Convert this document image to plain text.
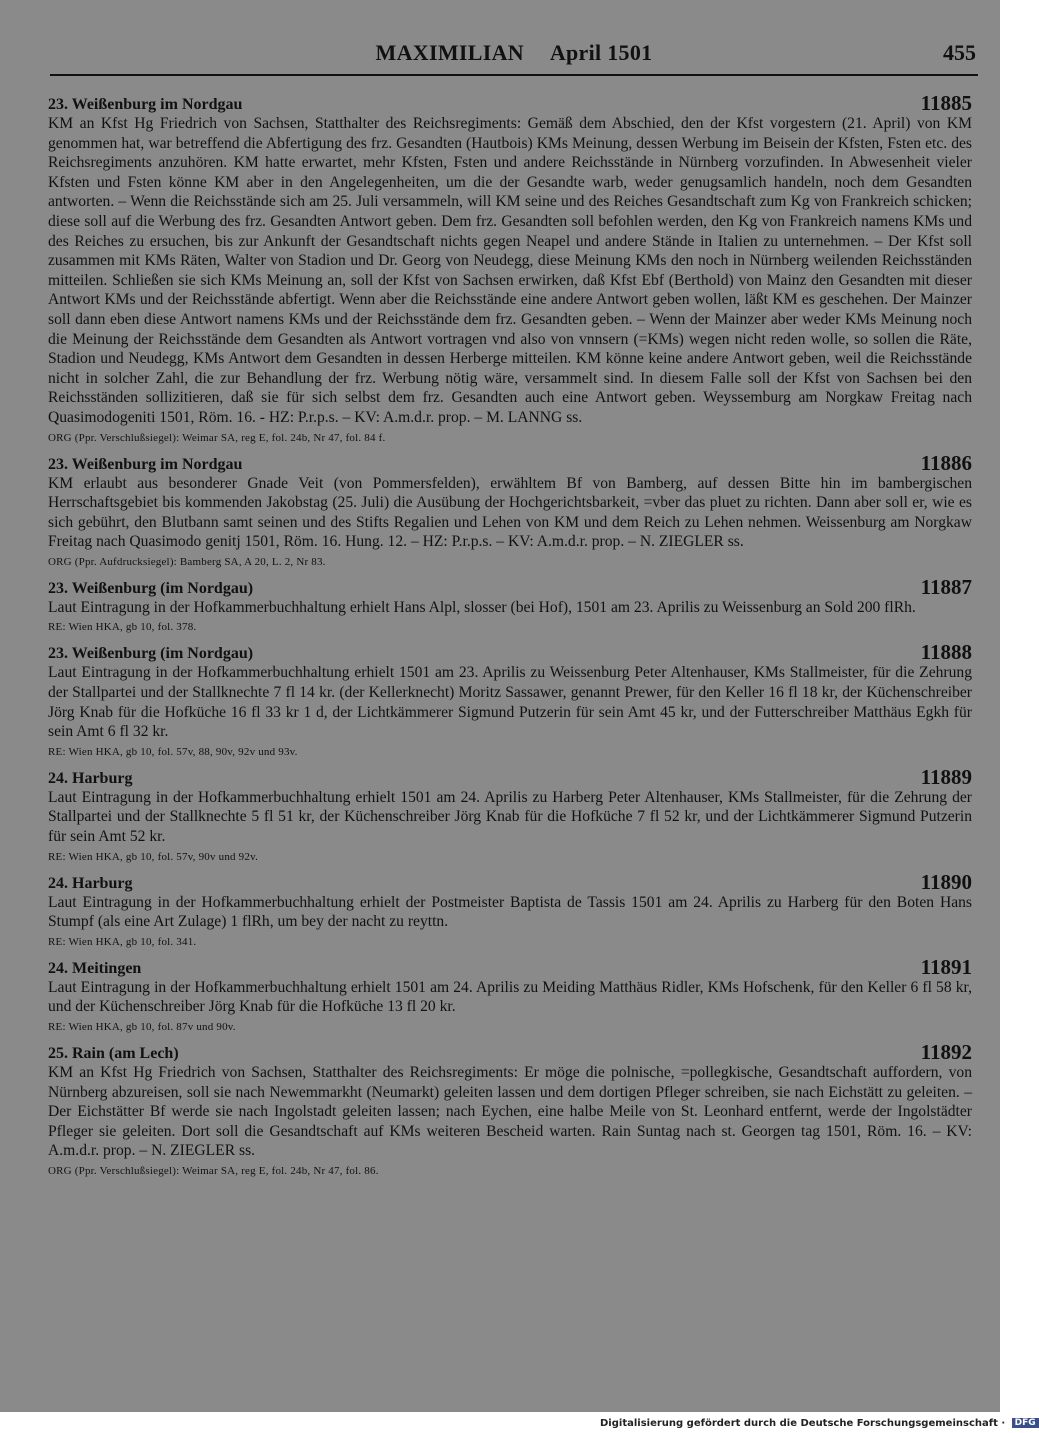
MAXIMILIAN April 1501	455
23. Weißenburg im Nordgau	11885

KM an Kfst Hg Friedrich von Sachsen, Statthalter des Reichsregiments: Gemäß dem Abschied, den der Kfst vorgestern (21. April) von KM genommen hat, war betreffend die Abfertigung des frz. Gesandten (Hautbois) KMs Meinung, dessen Werbung im Beisein der Kfsten, Fsten etc. des Reichsregiments anzuhören. KM hatte erwartet, mehr Kfsten, Fsten und andere Reichsstände in Nürnberg vorzufinden. In Abwesenheit vieler Kfsten und Fsten könne KM aber in den Angelegenheiten, um die der Gesandte warb, weder genugsamlich handeln, noch dem Gesandten antworten. – Wenn die Reichsstände sich am 25. Juli versammeln, will KM seine und des Reiches Gesandtschaft zum Kg von Frankreich schicken; diese soll auf die Werbung des frz. Gesandten Antwort geben. Dem frz. Gesandten soll befohlen werden, den Kg von Frankreich namens KMs und des Reiches zu ersuchen, bis zur Ankunft der Gesandtschaft nichts gegen Neapel und andere Stände in Italien zu unternehmen. – Der Kfst soll zusammen mit KMs Räten, Walter von Stadion und Dr. Georg von Neudegg, diese Meinung KMs den noch in Nürnberg weilenden Reichsständen mitteilen. Schließen sie sich KMs Meinung an, soll der Kfst von Sachsen erwirken, daß Kfst Ebf (Berthold) von Mainz den Gesandten mit dieser Antwort KMs und der Reichsstände abfertigt. Wenn aber die Reichsstände eine andere Antwort geben wollen, läßt KM es geschehen. Der Mainzer soll dann eben diese Antwort namens KMs und der Reichsstände dem frz. Gesandten geben. – Wenn der Mainzer aber weder KMs Meinung noch die Meinung der Reichsstände dem Gesandten als Antwort vortragen vnd also von vnnsern (=KMs) wegen nicht reden wolle, so sollen die Räte, Stadion und Neudegg, KMs Antwort dem Gesandten in dessen Herberge mitteilen. KM könne keine andere Antwort geben, weil die Reichsstände nicht in solcher Zahl, die zur Behandlung der frz. Werbung nötig wäre, versammelt sind. In diesem Falle soll der Kfst von Sachsen bei den Reichsständen sollizitieren, daß sie für sich selbst dem frz. Gesandten auch eine Antwort geben. Weyssemburg am Norgkaw Freitag nach Quasimodogeniti 1501, Röm. 16. - HZ: P.r.p.s. – KV: A.m.d.r. prop. – M. LANNG ss.

ORG (Ppr. Verschlußsiegel): Weimar SA, reg E, fol. 24b, Nr 47, fol. 84 f.
23. Weißenburg im Nordgau	11886

KM erlaubt aus besonderer Gnade Veit (von Pommersfelden), erwähltem Bf von Bamberg, auf dessen Bitte hin im bambergischen Herrschaftsgebiet bis kommenden Jakobstag (25. Juli) die Ausübung der Hochgerichtsbarkeit, =vber das pluet zu richten. Dann aber soll er, wie es sich gebührt, den Blutbann samt seinen und des Stifts Regalien und Lehen von KM und dem Reich zu Lehen nehmen. Weissenburg am Norgkaw Freitag nach Quasimodo genitj 1501, Röm. 16. Hung. 12. – HZ: P.r.p.s. – KV: A.m.d.r. prop. – N. ZIEGLER ss.

ORG (Ppr. Aufdrucksiegel): Bamberg SA, A 20, L. 2, Nr 83.
23. Weißenburg (im Nordgau)	11887

Laut Eintragung in der Hofkammerbuchhaltung erhielt Hans Alpl, slosser (bei Hof), 1501 am 23. Aprilis zu Weissenburg an Sold 200 flRh.

RE: Wien HKA, gb 10, fol. 378.
23. Weißenburg (im Nordgau)	11888

Laut Eintragung in der Hofkammerbuchhaltung erhielt 1501 am 23. Aprilis zu Weissenburg Peter Altenhauser, KMs Stallmeister, für die Zehrung der Stallpartei und der Stallknechte 7 fl 14 kr. (der Kellerknecht) Moritz Sassawer, genannt Prewer, für den Keller 16 fl 18 kr, der Küchenschreiber Jörg Knab für die Hofküche 16 fl 33 kr 1 d, der Lichtkämmerer Sigmund Putzerin für sein Amt 45 kr, und der Futterschreiber Matthäus Egkh für sein Amt 6 fl 32 kr.

RE: Wien HKA, gb 10, fol. 57v, 88, 90v, 92v und 93v.
24. Harburg	11889

Laut Eintragung in der Hofkammerbuchhaltung erhielt 1501 am 24. Aprilis zu Harberg Peter Altenhauser, KMs Stallmeister, für die Zehrung der Stallpartei und der Stallknechte 5 fl 51 kr, der Küchenschreiber Jörg Knab für die Hofküche 7 fl 52 kr, und der Lichtkämmerer Sigmund Putzerin für sein Amt 52 kr.

RE: Wien HKA, gb 10, fol. 57v, 90v und 92v.
24. Harburg	11890

Laut Eintragung in der Hofkammerbuchhaltung erhielt der Postmeister Baptista de Tassis 1501 am 24. Aprilis zu Harberg für den Boten Hans Stumpf (als eine Art Zulage) 1 flRh, um bey der nacht zu reyttn.

RE: Wien HKA, gb 10, fol. 341.
24. Meitingen	11891

Laut Eintragung in der Hofkammerbuchhaltung erhielt 1501 am 24. Aprilis zu Meiding Matthäus Ridler, KMs Hofschenk, für den Keller 6 fl 58 kr, und der Küchenschreiber Jörg Knab für die Hofküche 13 fl 20 kr.

RE: Wien HKA, gb 10, fol. 87v und 90v.
25. Rain (am Lech)	11892

KM an Kfst Hg Friedrich von Sachsen, Statthalter des Reichsregiments: Er möge die polnische, =pollegkische, Gesandtschaft auffordern, von Nürnberg abzureisen, soll sie nach Newemmarkht (Neumarkt) geleiten lassen und dem dortigen Pfleger schreiben, sie nach Eichstätt zu geleiten. – Der Eichstätter Bf werde sie nach Ingolstadt geleiten lassen; nach Eychen, eine halbe Meile von St. Leonhard entfernt, werde der Ingolstädter Pfleger sie geleiten. Dort soll die Gesandtschaft auf KMs weiteren Bescheid warten. Rain Suntag nach st. Georgen tag 1501, Röm. 16. – KV: A.m.d.r. prop. – N. ZIEGLER ss.

ORG (Ppr. Verschlußsiegel): Weimar SA, reg E, fol. 24b, Nr 47, fol. 86.
Digitalisierung gefördert durch die Deutsche Forschungsgemeinschaft · DFG
